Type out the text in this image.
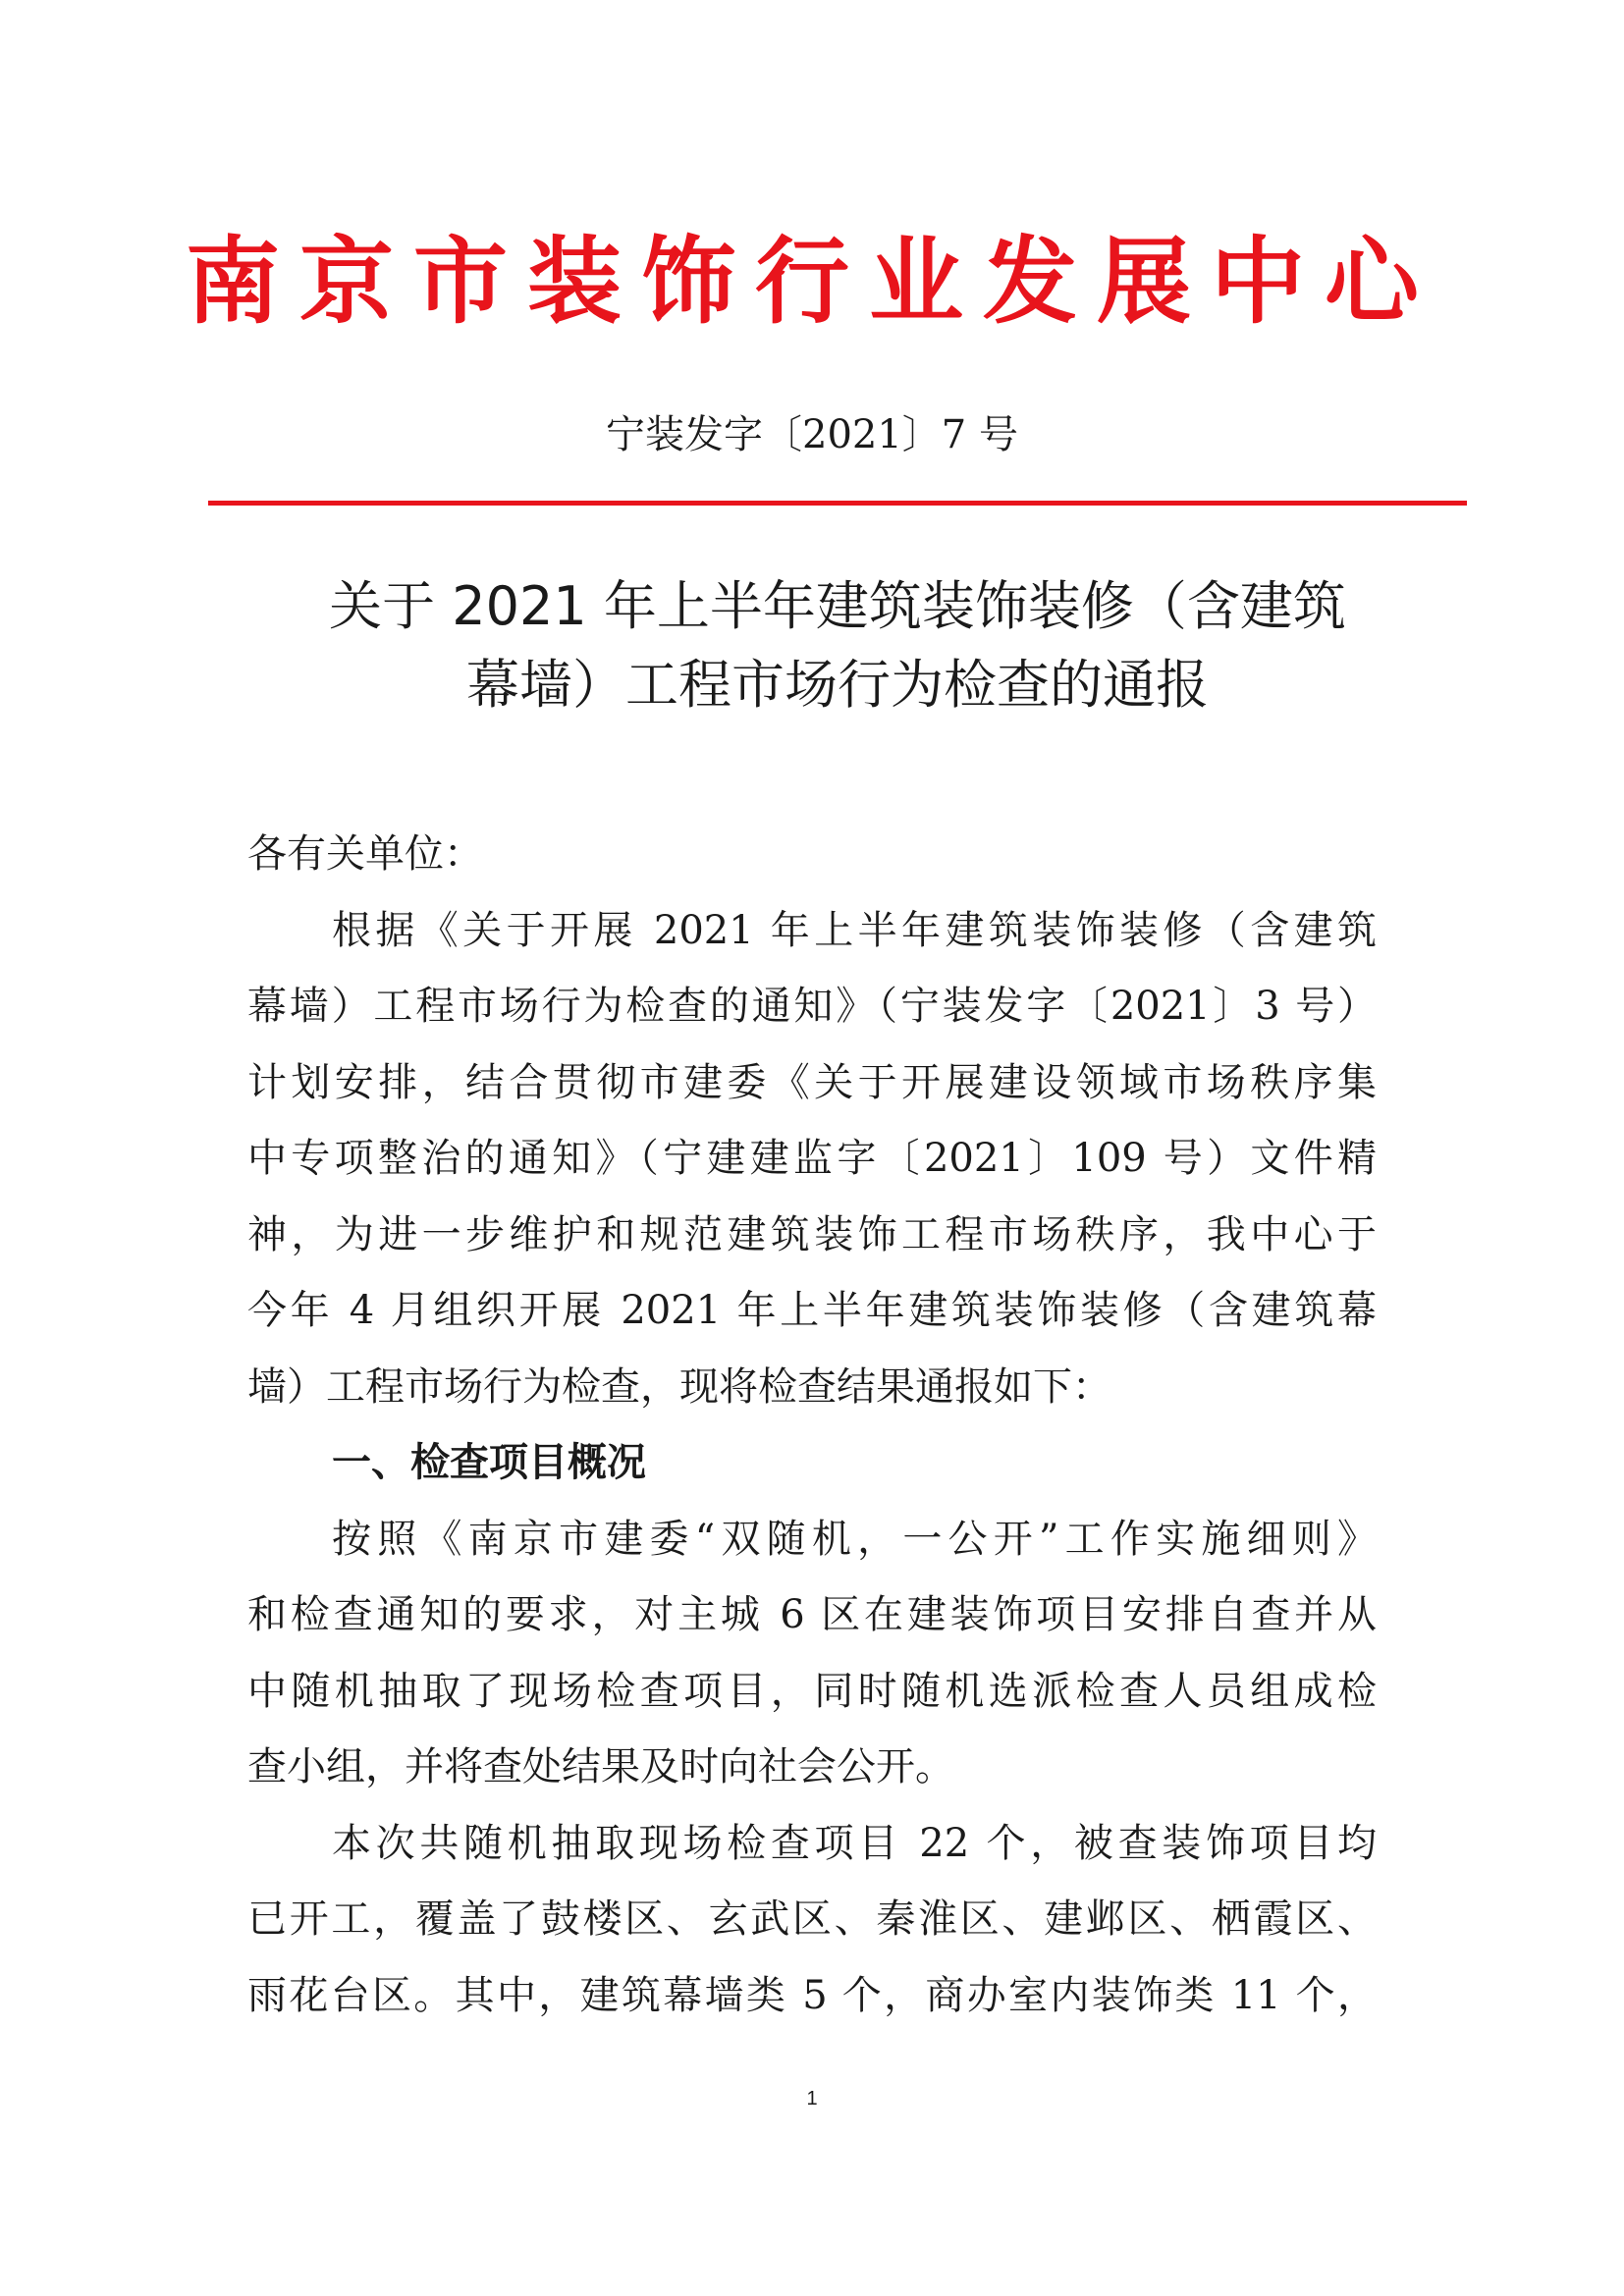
南京市装饰行业发展中心
宁装发字〔2021〕7 号
关于 2021 年上半年建筑装饰装修（含建筑
幕墙）工程市场行为检查的通报
各有关单位：
根据《关于开展 2021 年上半年建筑装饰装修（含建筑
幕墙）工程市场行为检查的通知》（宁装发字〔2021〕3 号）
计划安排，结合贯彻市建委《关于开展建设领域市场秩序集
中专项整治的通知》（宁建建监字〔2021〕109 号）文件精
神，为进一步维护和规范建筑装饰工程市场秩序，我中心于
今年 4 月组织开展 2021 年上半年建筑装饰装修（含建筑幕
墙）工程市场行为检查，现将检查结果通报如下：
一、检查项目概况
按照《南京市建委“双随机，一公开”工作实施细则》
和检查通知的要求，对主城 6 区在建装饰项目安排自查并从
中随机抽取了现场检查项目，同时随机选派检查人员组成检
查小组，并将查处结果及时向社会公开。
本次共随机抽取现场检查项目 22 个，被查装饰项目均
已开工，覆盖了鼓楼区、玄武区、秦淮区、建邺区、栖霞区、
雨花台区。其中，建筑幕墙类 5 个，商办室内装饰类 11 个，
1
